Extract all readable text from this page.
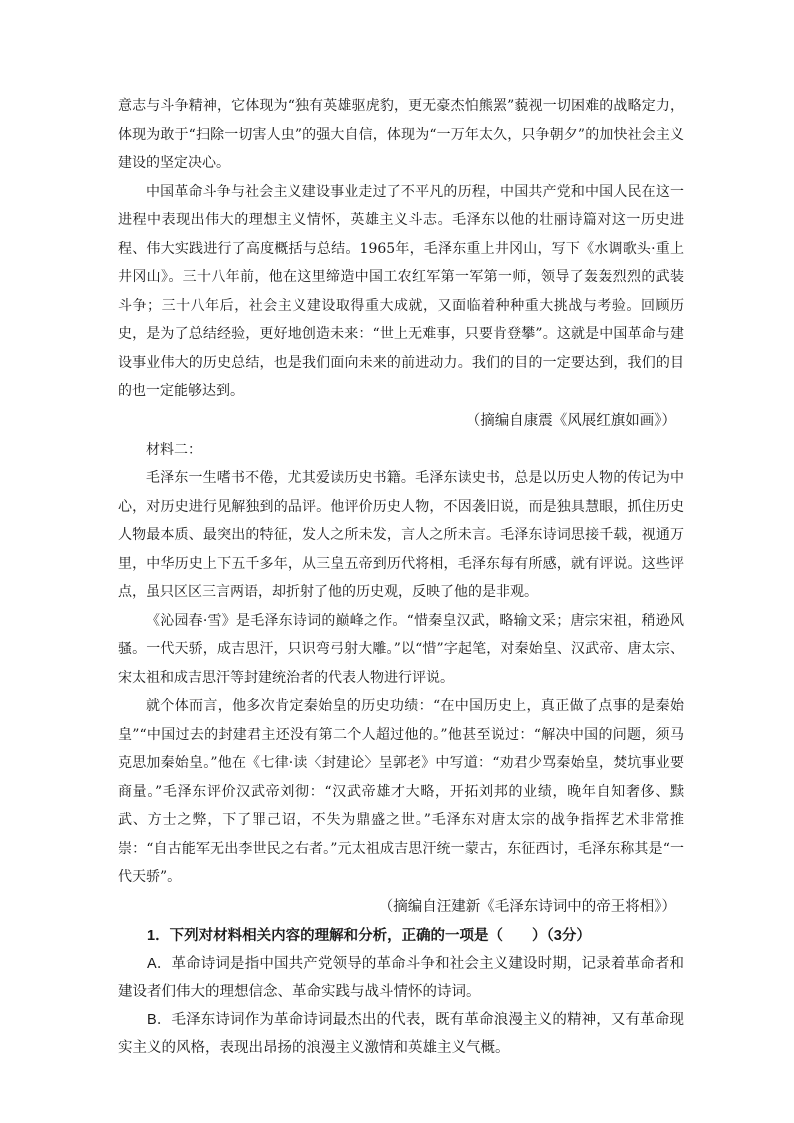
意志与斗争精神，它体现为“独有英雄驱虎豹，更无豪杰怕熊罴”藐视一切困难的战略定力，体现为敢于“扫除一切害人虫”的强大自信，体现为“一万年太久，只争朝夕”的加快社会主义建设的坚定决心。

中国革命斗争与社会主义建设事业走过了不平凡的历程，中国共产党和中国人民在这一进程中表现出伟大的理想主义情怀，英雄主义斗志。毛泽东以他的壮丽诗篇对这一历史进程、伟大实践进行了高度概括与总结。1965年，毛泽东重上井冈山，写下《水调歌头·重上井冈山》。三十八年前，他在这里缔造中国工农红军第一军第一师，领导了轰轰烈烈的武装斗争；三十八年后，社会主义建设取得重大成就，又面临着种种重大挑战与考验。回顾历史，是为了总结经验，更好地创造未来：“世上无难事，只要肯登攀”。这就是中国革命与建设事业伟大的历史总结，也是我们面向未来的前进动力。我们的目的一定要达到，我们的目的也一定能够达到。

（摘编自康震《风展红旗如画》）

材料二：

毛泽东一生嗜书不倦，尤其爱读历史书籍。毛泽东读史书，总是以历史人物的传记为中心，对历史进行见解独到的品评。他评价历史人物，不因袭旧说，而是独具慧眼，抓住历史人物最本质、最突出的特征，发人之所未发，言人之所未言。毛泽东诗词思接千载，视通万里，中华历史上下五千多年，从三皇五帝到历代将相，毛泽东每有所感，就有评说。这些评点，虽只区区三言两语，却折射了他的历史观，反映了他的是非观。

《沁园春·雪》是毛泽东诗词的巅峰之作。“惜秦皇汉武，略输文采；唐宗宋祖，稍逊风骚。一代天骄，成吉思汗，只识弯弓射大雕。”以“惜”字起笔，对秦始皇、汉武帝、唐太宗、宋太祖和成吉思汗等封建统治者的代表人物进行评说。

就个体而言，他多次肯定秦始皇的历史功绩：“在中国历史上，真正做了点事的是秦始皇”“中国过去的封建君主还没有第二个人超过他的。”他甚至说过：“解决中国的问题，须马克思加秦始皇。”他在《七律·读〈封建论〉呈郭老》中写道：“劝君少骂秦始皇，焚坑事业要商量。”毛泽东评价汉武帝刘彻：“汉武帝雄才大略，开拓刘邦的业绩，晚年自知奢侈、黩武、方士之弊，下了罪己诏，不失为鼎盛之世。”毛泽东对唐太宗的战争指挥艺术非常推崇：“自古能军无出李世民之右者。”元太祖成吉思汗统一蒙古，东征西讨，毛泽东称其是“一代天骄”。

（摘编自汪建新《毛泽东诗词中的帝王将相》）

1．下列对材料相关内容的理解和分析，正确的一项是（　　）（3分）

A．革命诗词是指中国共产党领导的革命斗争和社会主义建设时期，记录着革命者和建设者们伟大的理想信念、革命实践与战斗情怀的诗词。

B．毛泽东诗词作为革命诗词最杰出的代表，既有革命浪漫主义的精神，又有革命现实主义的风格，表现出昂扬的浪漫主义激情和英雄主义气概。
